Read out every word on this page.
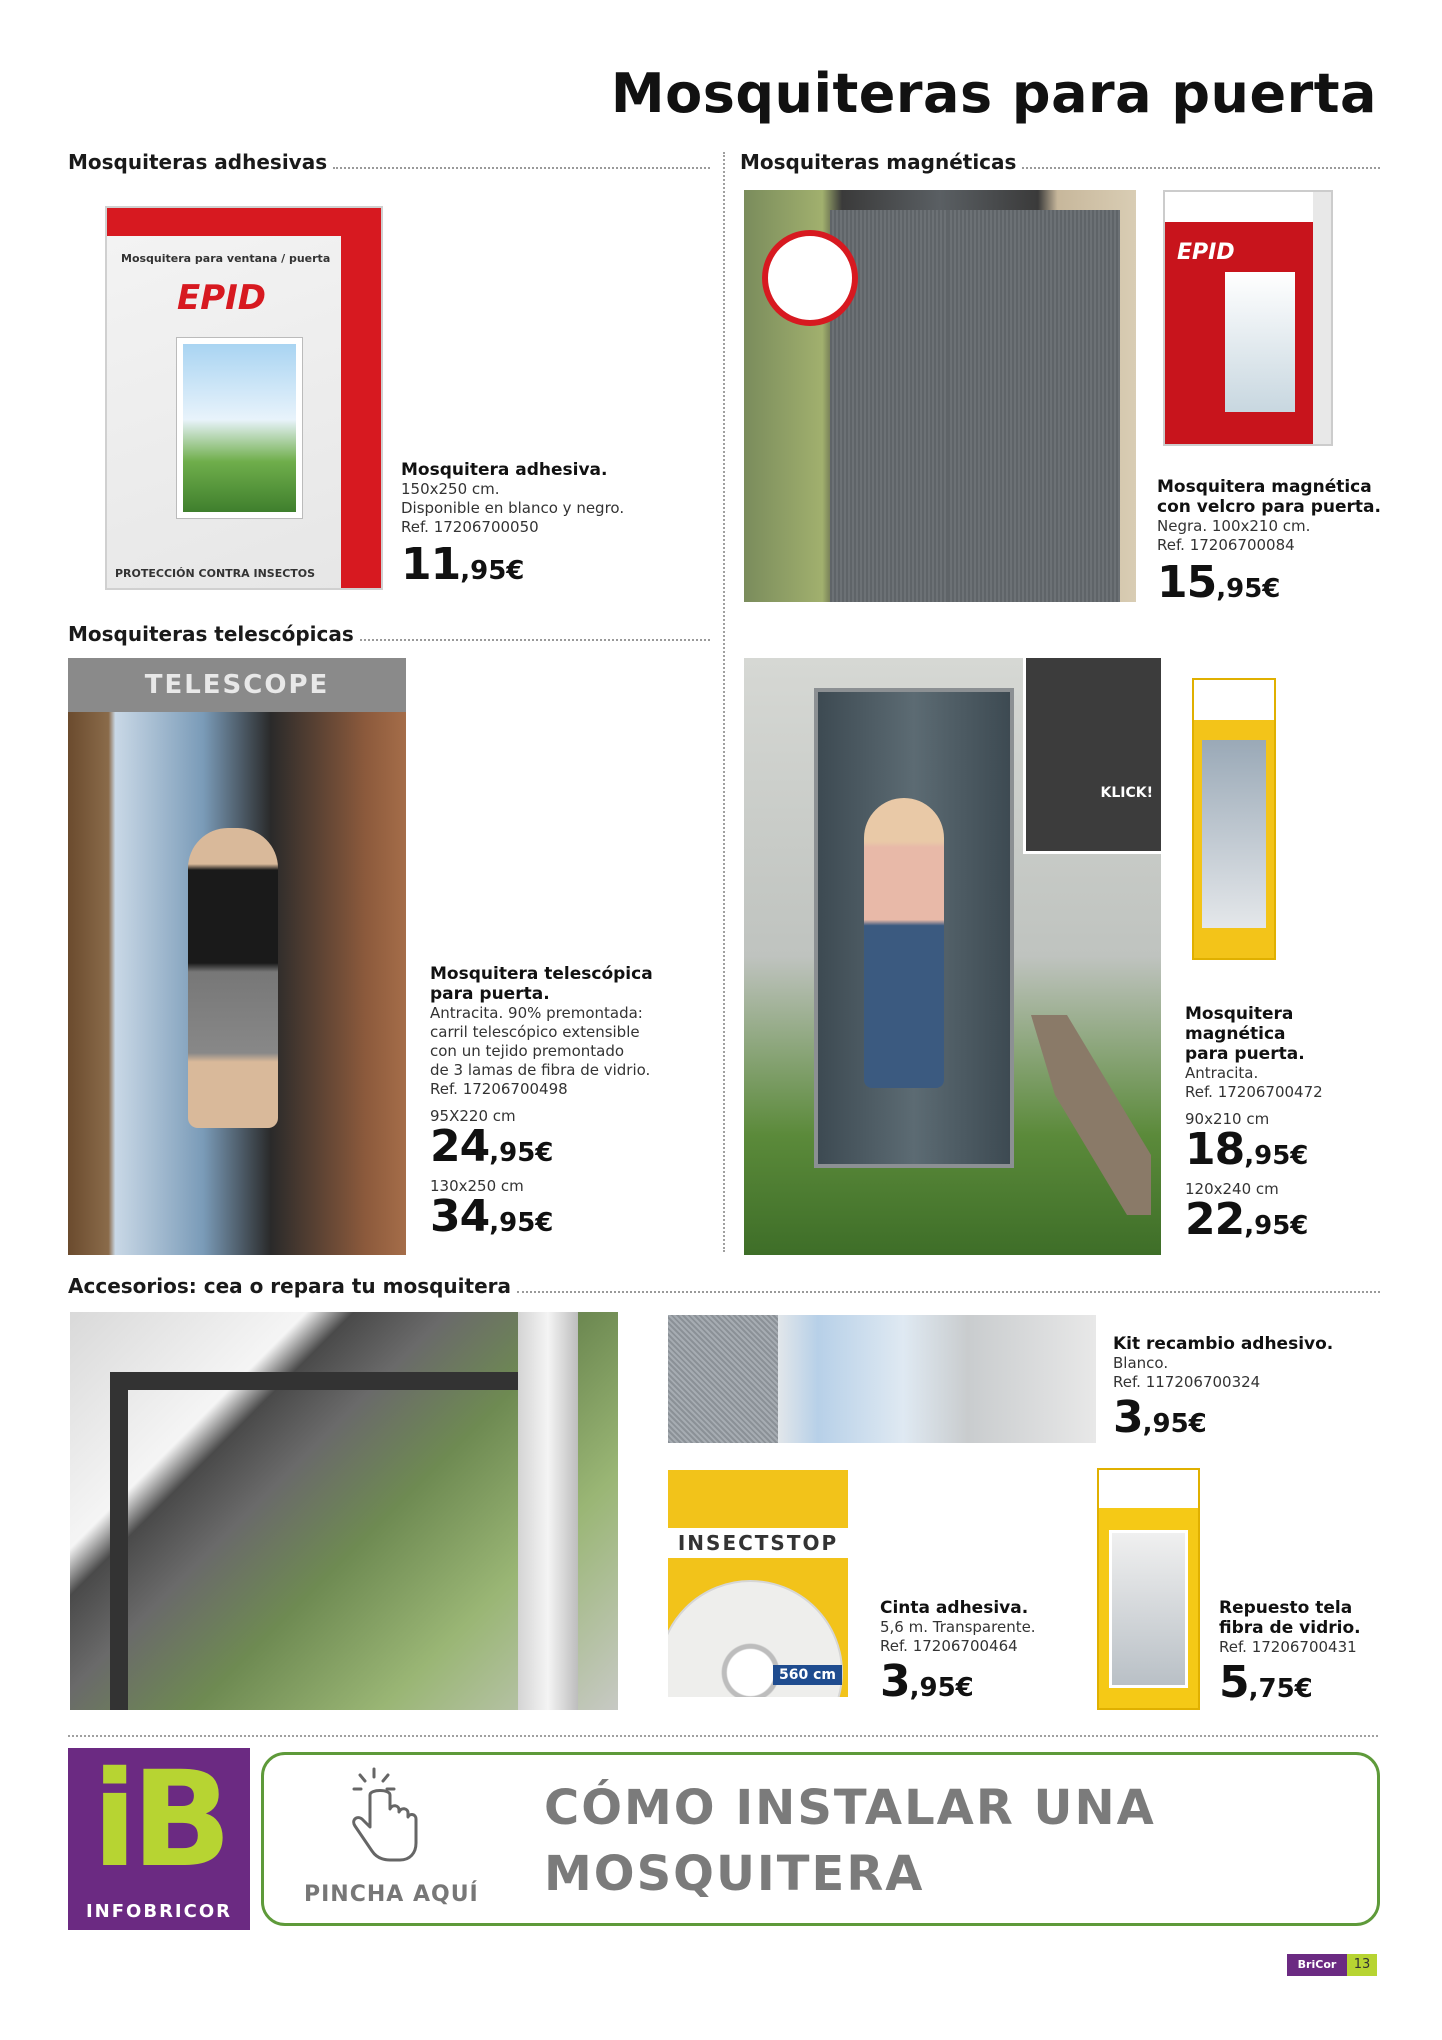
Mosquiteras para puerta
Mosquiteras adhesivas
Mosquitera para ventana / puerta
EPID
PROTECCIÓN CONTRA INSECTOS
Mosquitera adhesiva.
150x250 cm.
Disponible en blanco y negro.
Ref. 17206700050
11,95€
Mosquiteras magnéticas
EPID
Mosquitera magnética
con velcro para puerta.
Negra. 100x210 cm.
Ref. 17206700084
15,95€
Mosquiteras telescópicas
TELESCOPE
Mosquitera telescópica
para puerta.
Antracita. 90% premontada:
carril telescópico extensible
con un tejido premontado
de 3 lamas de fibra de vidrio.
Ref. 17206700498
95X220 cm
24,95€
130x250 cm
34,95€
KLICK!
Mosquitera
magnética
para puerta.
Antracita.
Ref. 17206700472
90x210 cm
18,95€
120x240 cm
22,95€
Accesorios: cea o repara tu mosquitera
Kit recambio adhesivo.
Blanco.
Ref. 117206700324
3,95€
INSECTSTOP
560 cm
Cinta adhesiva.
5,6 m. Transparente.
Ref. 17206700464
3,95€
Repuesto tela
fibra de vidrio.
Ref. 17206700431
5,75€
iB
INFOBRICOR
PINCHA AQUÍ
CÓMO INSTALAR UNA
MOSQUITERA
BriCor	13
